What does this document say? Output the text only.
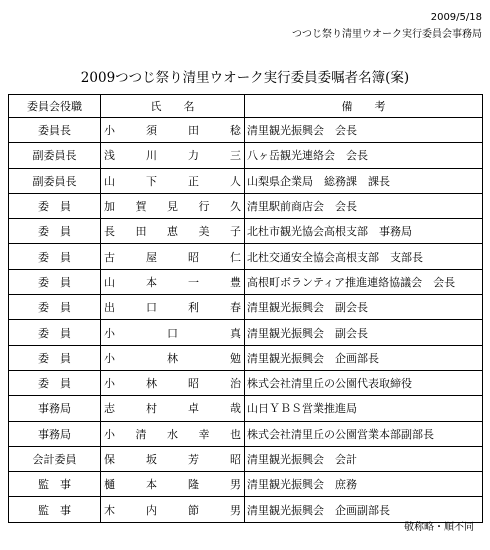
2009/5/18
つつじ祭り清里ウオーク実行委員会事務局
2009つつじ祭り清里ウオーク実行委員委嘱者名簿(案)
委員会役職	氏　　名	備　　考
委員長	小 須 田 稔	清里観光振興会　会長
副委員長	浅 川 力 三	八ヶ岳観光連絡会　会長
副委員長	山 下 正 人	山梨県企業局　総務課　課長
委　員	加 賀 見 行 久	清里駅前商店会　会長
委　員	長 田 恵 美 子	北杜市観光協会高根支部　事務局
委　員	古 屋 昭 仁	北杜交通安全協会高根支部　支部長
委　員	山 本 一 豊	高根町ボランティア推進連絡協議会　会長
委　員	出 口 利 春	清里観光振興会　副会長
委　員	小 口 真	清里観光振興会　副会長
委　員	小 林 勉	清里観光振興会　企画部長
委　員	小 林 昭 治	株式会社清里丘の公園代表取締役
事務局	志 村 卓 哉	山日ＹＢＳ営業推進局
事務局	小 清 水 幸 也	株式会社清里丘の公園営業本部副部長
会計委員	保 坂 芳 昭	清里観光振興会　会計
監　事	樋 本 隆 男	清里観光振興会　庶務
監　事	木 内 節 男	清里観光振興会　企画副部長
敬称略・順不同
